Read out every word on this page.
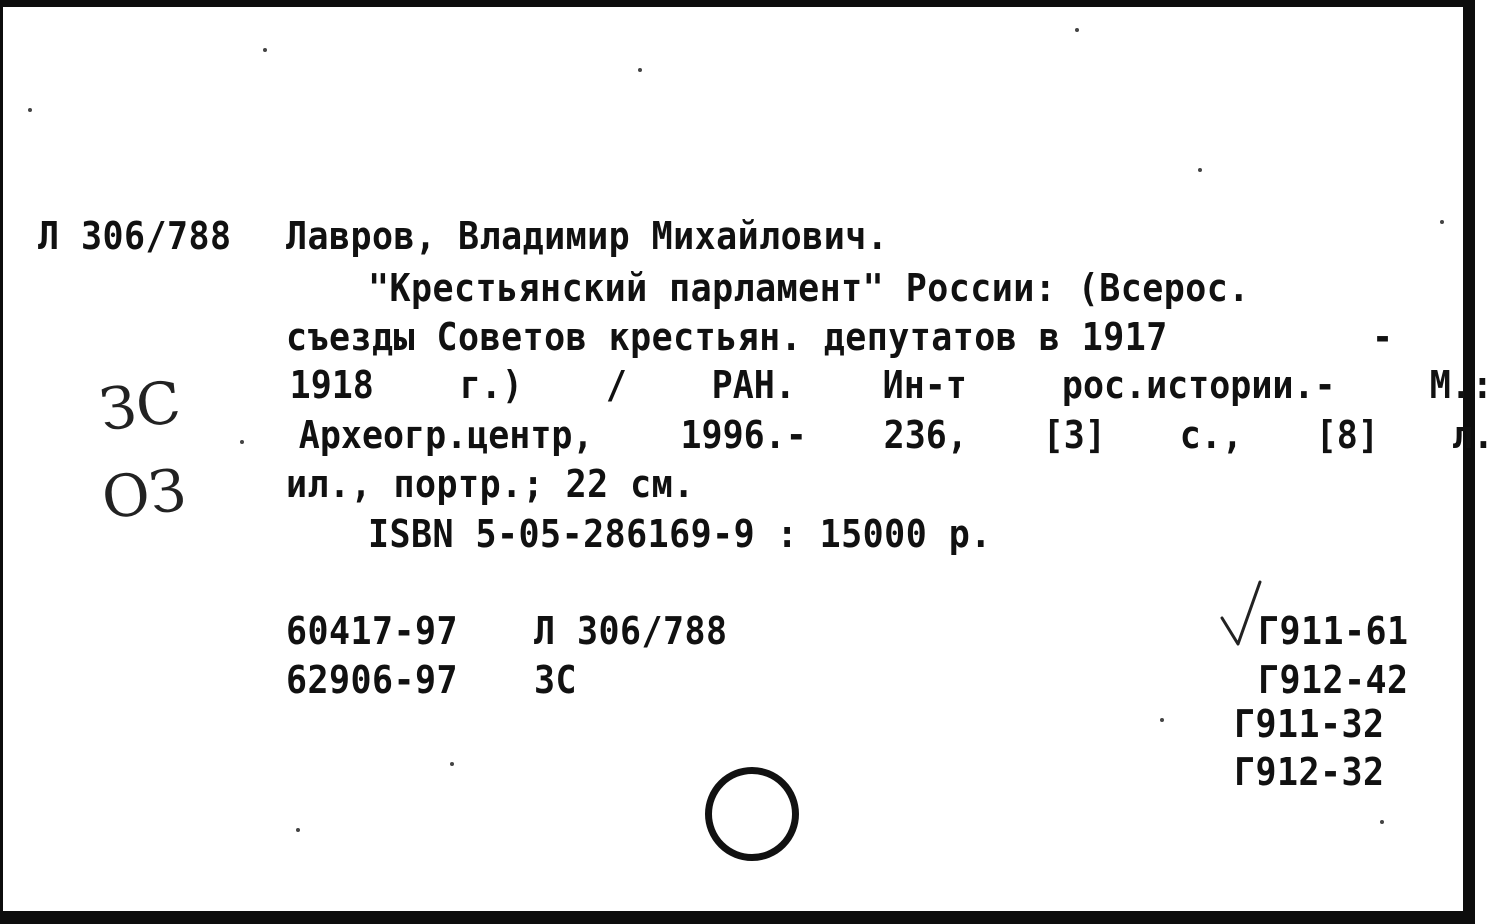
Л 306/788 Лавров, Владимир Михайлович.
"Крестьянский парламент" России: (Всерос.
съезды Советов крестьян. депутатов в 1917	-
1918 г.) / РАН. Ин-т	рос.истории.- М.:
Археогр.центр, 1996.- 236, [3] с., [8] л.
ил., портр.; 22 см.
ISBN 5-05-286169-9 : 15000 р.
60417-97 Л 306/788
62906-97 ЗС
Г911-61
Г912-42
Г911-32
Г912-32
ЗС
ОЗ
